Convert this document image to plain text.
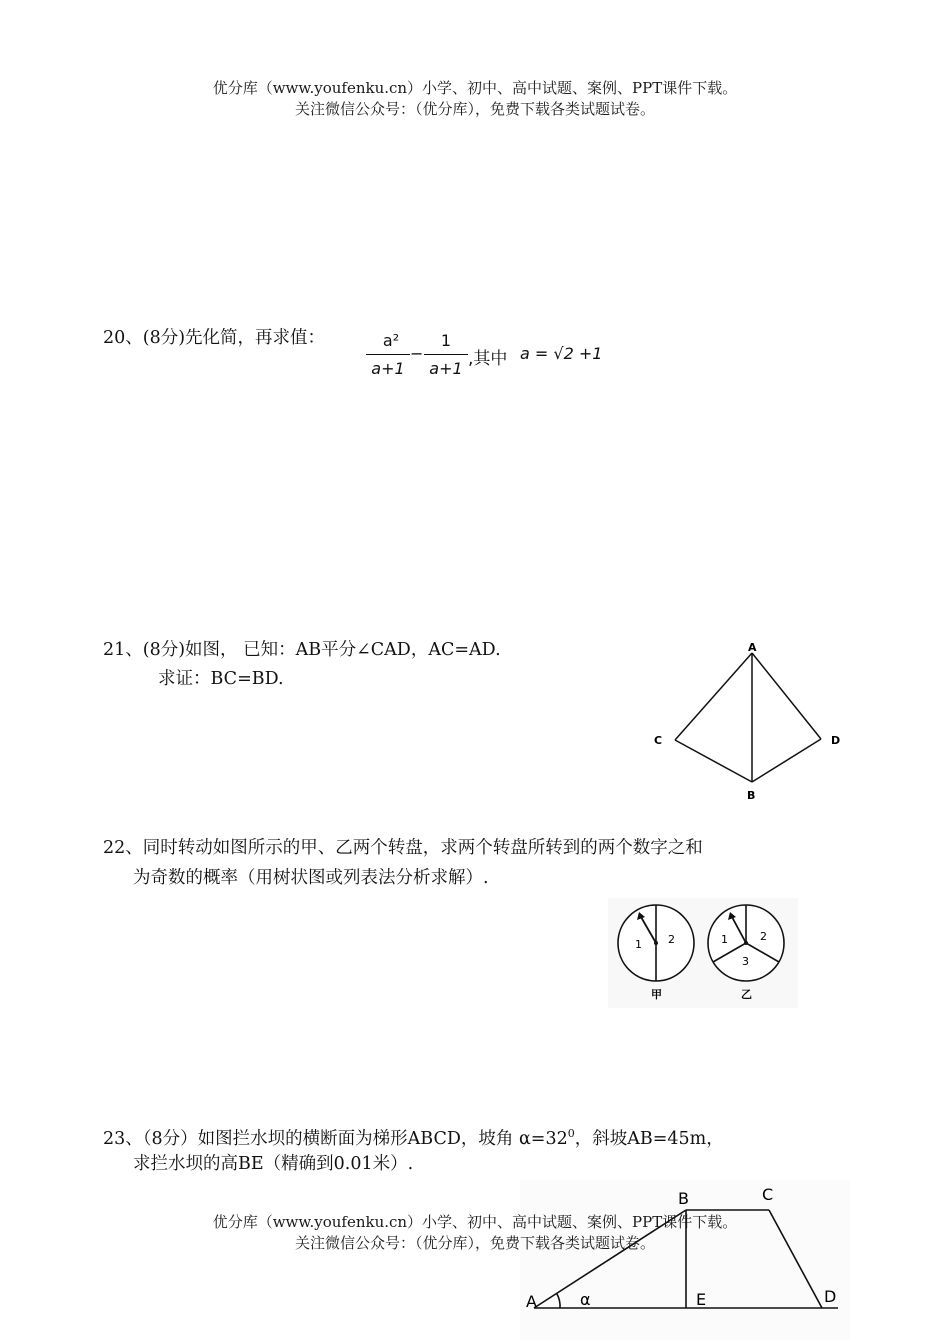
优分库（www.youfenku.cn）小学、初中、高中试题、案例、PPT课件下载。
关注微信公众号：（优分库），免费下载各类试题试卷。
20、(8分)先化简，再求值：	$\frac{\text{a²}}{a+1} - \frac{1}{a+1}$ ,其中 a = √2 +1
21、(8分)如图， 已知：AB平分∠CAD，AC=AD.
求证：BC=BD.
A
C	D
B
22、同时转动如图所示的甲、乙两个转盘，求两个转盘所转到的两个数字之和
为奇数的概率（用树状图或列表法分析求解）.
1 2
甲
1	2
3
乙
23、（8分）如图拦水坝的横断面为梯形ABCD，坡角 $\alpha=32^0$，斜坡AB=45m，
求拦水坝的高BE（精确到0.01米）.
A
B	C
D
E
α
优分库（www.youfenku.cn）小学、初中、高中试题、案例、PPT课件下载。
关注微信公众号：（优分库），免费下载各类试题试卷。
